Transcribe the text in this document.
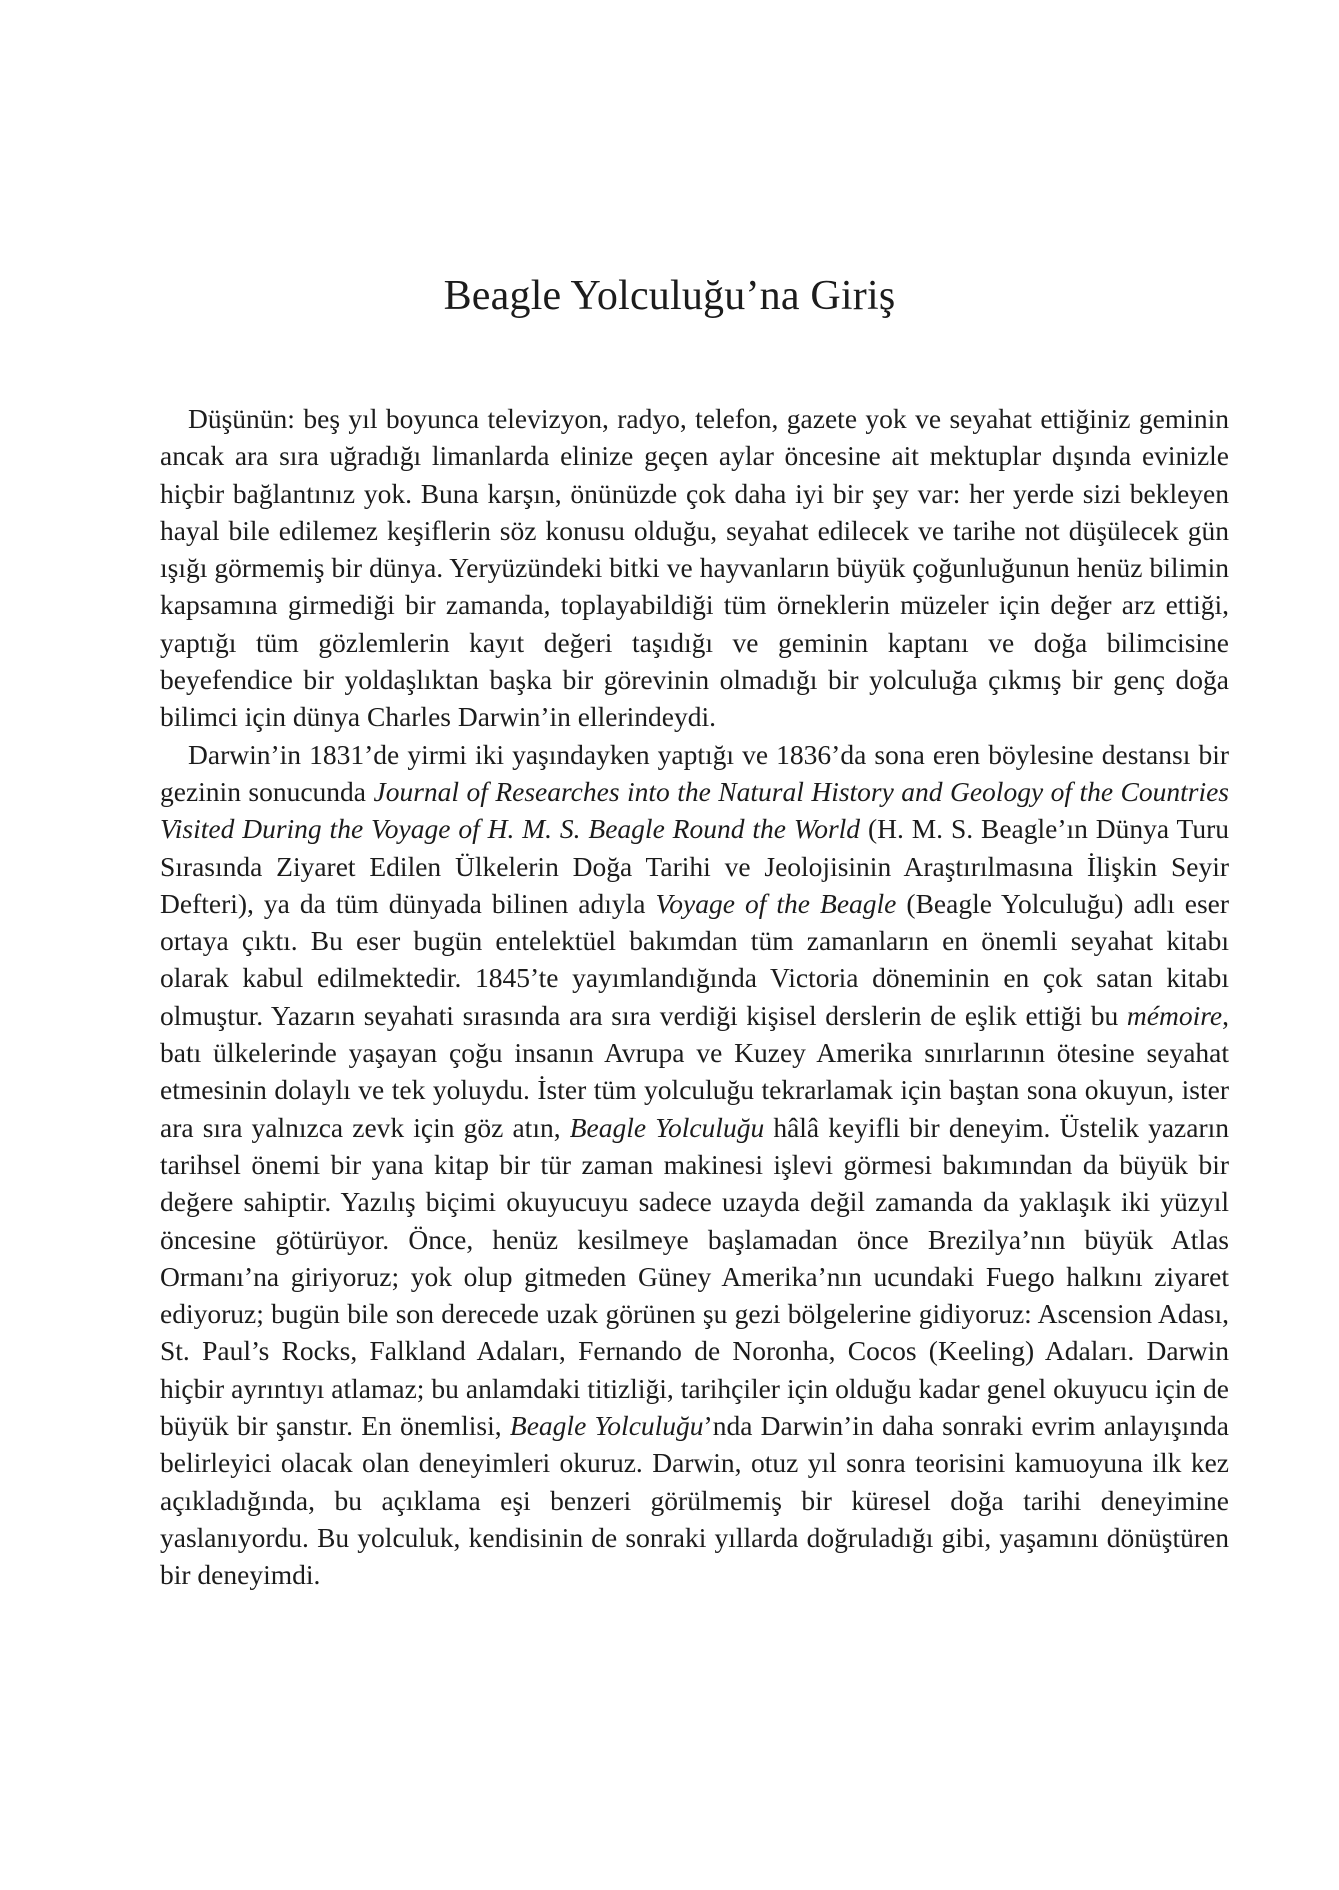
Beagle Yolculuğu’na Giriş

Düşünün: beş yıl boyunca televizyon, radyo, telefon, gazete yok ve seyahat ettiğiniz geminin ancak ara sıra uğradığı limanlarda elinize geçen aylar öncesine ait mektuplar dışında evinizle hiçbir bağlantınız yok. Buna karşın, önünüzde çok daha iyi bir şey var: her yerde sizi bekleyen hayal bile edilemez keşiflerin söz konusu olduğu, seyahat edilecek ve tarihe not düşülecek gün ışığı görmemiş bir dünya. Yeryüzündeki bitki ve hayvanların büyük çoğunluğunun henüz bilimin kapsamına girmediği bir zamanda, toplayabildiği tüm örneklerin müzeler için değer arz ettiği, yaptığı tüm gözlemlerin kayıt değeri taşıdığı ve geminin kaptanı ve doğa bilimcisine beyefendice bir yoldaşlıktan başka bir görevinin olmadığı bir yolculuğa çıkmış bir genç doğa bilimci için dünya Charles Darwin’in ellerindeydi.

Darwin’in 1831’de yirmi iki yaşındayken yaptığı ve 1836’da sona eren böylesine destansı bir gezinin sonucunda Journal of Researches into the Natural History and Geology of the Countries Visited During the Voyage of H. M. S. Beagle Round the World (H. M. S. Beagle’ın Dünya Turu Sırasında Ziyaret Edilen Ülkelerin Doğa Tarihi ve Jeolojisinin Araştırılmasına İlişkin Seyir Defteri), ya da tüm dünyada bilinen adıyla Voyage of the Beagle (Beagle Yolculuğu) adlı eser ortaya çıktı. Bu eser bugün entelektüel bakımdan tüm zamanların en önemli seyahat kitabı olarak kabul edilmektedir. 1845’te yayımlandığında Victoria döneminin en çok satan kitabı olmuştur. Yazarın seyahati sırasında ara sıra verdiği kişisel derslerin de eşlik ettiği bu mémoire, batı ülkelerinde yaşayan çoğu insanın Avrupa ve Kuzey Amerika sınırlarının ötesine seyahat etmesinin dolaylı ve tek yoluydu. İster tüm yolculuğu tekrarlamak için baştan sona okuyun, ister ara sıra yalnızca zevk için göz atın, Beagle Yolculuğu hâlâ keyifli bir deneyim. Üstelik yazarın tarihsel önemi bir yana kitap bir tür zaman makinesi işlevi görmesi bakımından da büyük bir değere sahiptir. Yazılış biçimi okuyucuyu sadece uzayda değil zamanda da yaklaşık iki yüzyıl öncesine götürüyor. Önce, henüz kesilmeye başlamadan önce Brezilya’nın büyük Atlas Ormanı’na giriyoruz; yok olup gitmeden Güney Amerika’nın ucundaki Fuego halkını ziyaret ediyoruz; bugün bile son derecede uzak görünen şu gezi bölgelerine gidiyoruz: Ascension Adası, St. Paul’s Rocks, Falkland Adaları, Fernando de Noronha, Cocos (Keeling) Adaları. Darwin hiçbir ayrıntıyı atlamaz; bu anlamdaki titizliği, tarihçiler için olduğu kadar genel okuyucu için de büyük bir şanstır. En önemlisi, Beagle Yolculuğu’nda Darwin’in daha sonraki evrim anlayışında belirleyici olacak olan deneyimleri okuruz. Darwin, otuz yıl sonra teorisini kamuoyuna ilk kez açıkladığında, bu açıklama eşi benzeri görülmemiş bir küresel doğa tarihi deneyimine yaslanıyordu. Bu yolculuk, kendisinin de sonraki yıllarda doğruladığı gibi, yaşamını dönüştüren bir deneyimdi.
